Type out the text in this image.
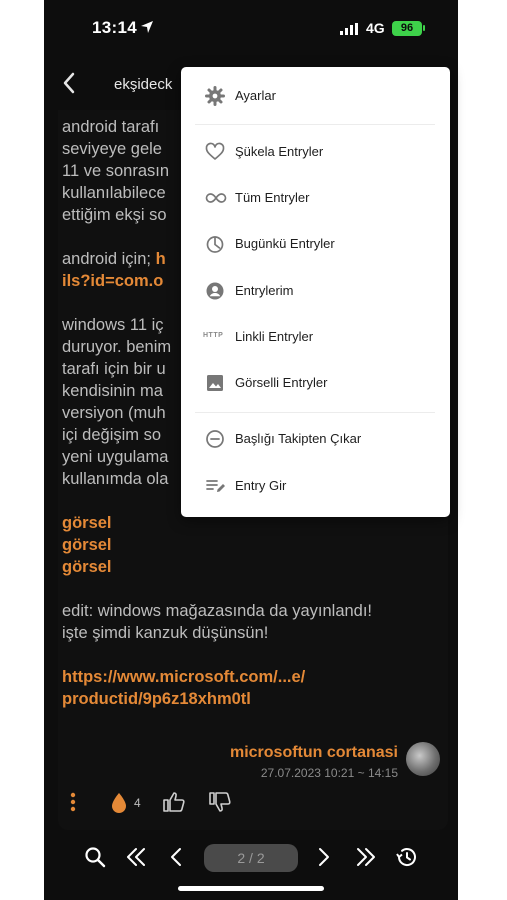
13:14	4G	96
ekşideck

android tarafı
seviyeye gele
11 ve sonrasın
kullanılabilece
ettiğim ekşi so

android için; h
ils?id=com.o

windows 11 iç
duruyor. benim
tarafı için bir u
kendisinin ma
versiyon (muh
içi değişim so
yeni uygulama
kullanımda ola

görsel
görsel
görsel

edit: windows mağazasında da yayınlandı!
işte şimdi kanzuk düşünsün!

https://www.microsoft.com/...e/
productid/9p6z18xhm0tl

microsoftun cortanasi
27.07.2023 10:21 ~ 14:15
4
2 / 2
Ayarlar
Şükela Entryler
Tüm Entryler
Bugünkü Entryler
Entrylerim
HTTP Linkli Entryler
Görselli Entryler
Başlığı Takipten Çıkar
Entry Gir
